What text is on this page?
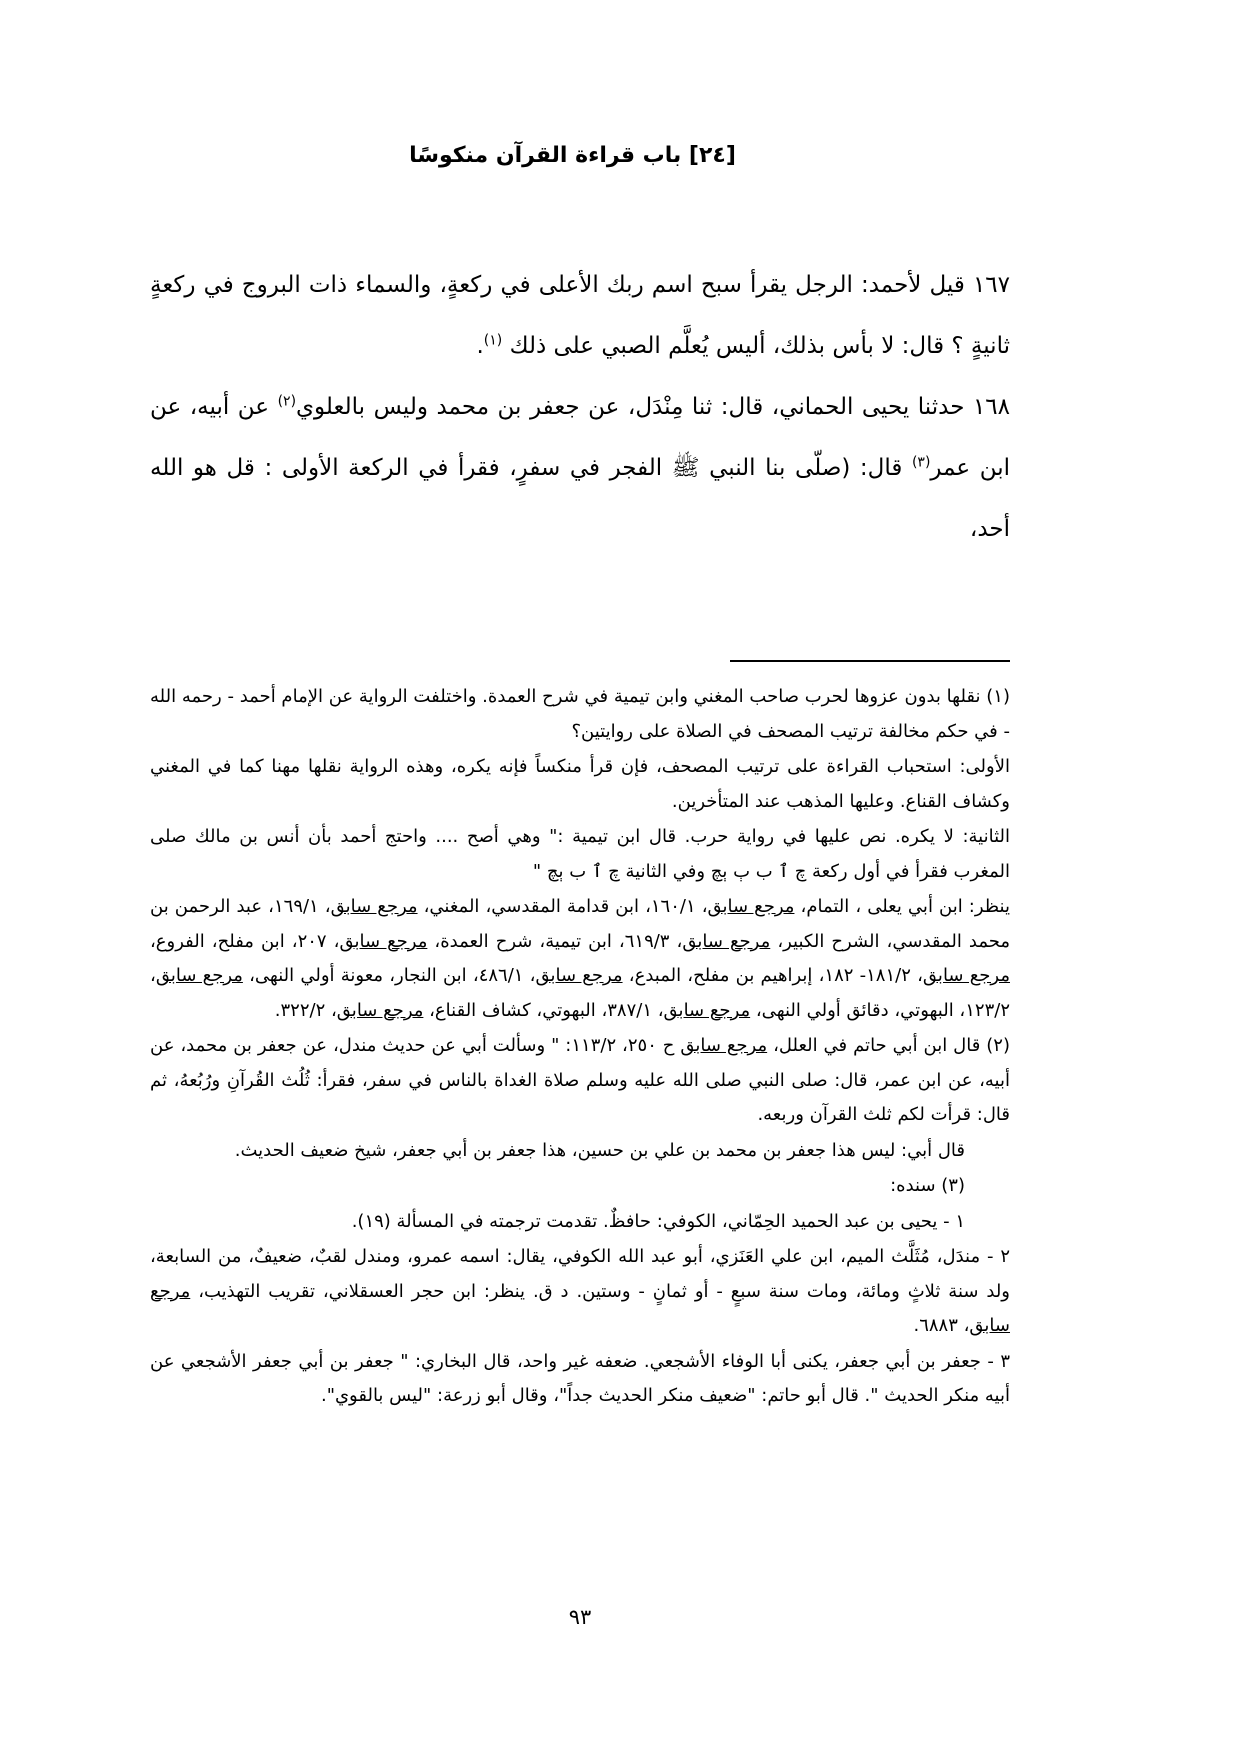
[٢٤] باب قراءة القرآن منكوسًا

١٦٧ قيل لأحمد: الرجل يقرأ سبح اسم ربك الأعلى في ركعةٍ، والسماء ذات البروج في ركعةٍ ثانيةٍ ؟ قال: لا بأس بذلك، أليس يُعلَّم الصبي على ذلك $^{(١)}$.

١٦٨ حدثنا يحيى الحماني، قال: ثنا مِنْدَل، عن جعفر بن محمد وليس بالعلوي$^{(٢)}$ عن أبيه، عن ابن عمر$^{(٣)}$ قال: (صلّى بنا النبي ﷺ الفجر في سفرٍ، فقرأ في الركعة الأولى : قل هو الله أحد،

(١) نقلها بدون عزوها لحرب صاحب المغني وابن تيمية في شرح العمدة. واختلفت الرواية عن الإمام أحمد - رحمه الله - في حكم مخالفة ترتيب المصحف في الصلاة على روايتين؟

الأولى: استحباب القراءة على ترتيب المصحف، فإن قرأ منكساً فإنه يكره، وهذه الرواية نقلها مهنا كما في المغني وكشاف القناع. وعليها المذهب عند المتأخرين.

الثانية: لا يكره. نص عليها في رواية حرب. قال ابن تيمية :" وهي أصح .... واحتج أحمد بأن أنس بن مالك صلى المغرب فقرأ في أول ركعة چ ٱ ب ٻ ٻچ وفي الثانية چ ٱ ب ٻچ "

ينظر: ابن أبي يعلى ، التمام، مرجع سابق، ١٦٠/١، ابن قدامة المقدسي، المغني، مرجع سابق، ١٦٩/١، عبد الرحمن بن محمد المقدسي، الشرح الكبير، مرجع سابق، ٦١٩/٣، ابن تيمية، شرح العمدة، مرجع سابق، ٢٠٧، ابن مفلح، الفروع، مرجع سابق، ١٨١/٢- ١٨٢، إبراهيم بن مفلح، المبدع، مرجع سابق، ٤٨٦/١، ابن النجار، معونة أولي النهى، مرجع سابق، ١٢٣/٢، البهوتي، دقائق أولي النهى، مرجع سابق، ٣٨٧/١، البهوتي، كشاف القناع، مرجع سابق، ٣٢٢/٢.

(٢) قال ابن أبي حاتم في العلل، مرجع سابق ح ٢٥٠، ١١٣/٢: " وسألت أبي عن حديث مندل، عن جعفر بن محمد، عن أبيه، عن ابن عمر، قال: صلى النبي صلى الله عليه وسلم صلاة الغداة بالناس في سفر، فقرأ: ثُلُث القُرآنِ ورُبُعهُ، ثم قال: قرأت لكم ثلث القرآن وربعه.

قال أبي: ليس هذا جعفر بن محمد بن علي بن حسين، هذا جعفر بن أبي جعفر، شيخ ضعيف الحديث.

(٣) سنده:

١ - يحيى بن عبد الحميد الحِمّاني، الكوفي: حافظٌ. تقدمت ترجمته في المسألة (١٩).

٢ - مندَل، مُثَلَّث الميم، ابن علي العَنَزي، أبو عبد الله الكوفي، يقال: اسمه عمرو، ومندل لقبٌ، ضعيفٌ، من السابعة، ولد سنة ثلاثٍ ومائة، ومات سنة سبعٍ - أو ثمانٍ - وستين. د ق. ينظر: ابن حجر العسقلاني، تقريب التهذيب، مرجع سابق، ٦٨٨٣.

٣ - جعفر بن أبي جعفر، يكنى أبا الوفاء الأشجعي. ضعفه غير واحد، قال البخاري: " جعفر بن أبي جعفر الأشجعي عن أبيه منكر الحديث ". قال أبو حاتم: "ضعيف منكر الحديث جداً"، وقال أبو زرعة: "ليس بالقوي".

٩٣
